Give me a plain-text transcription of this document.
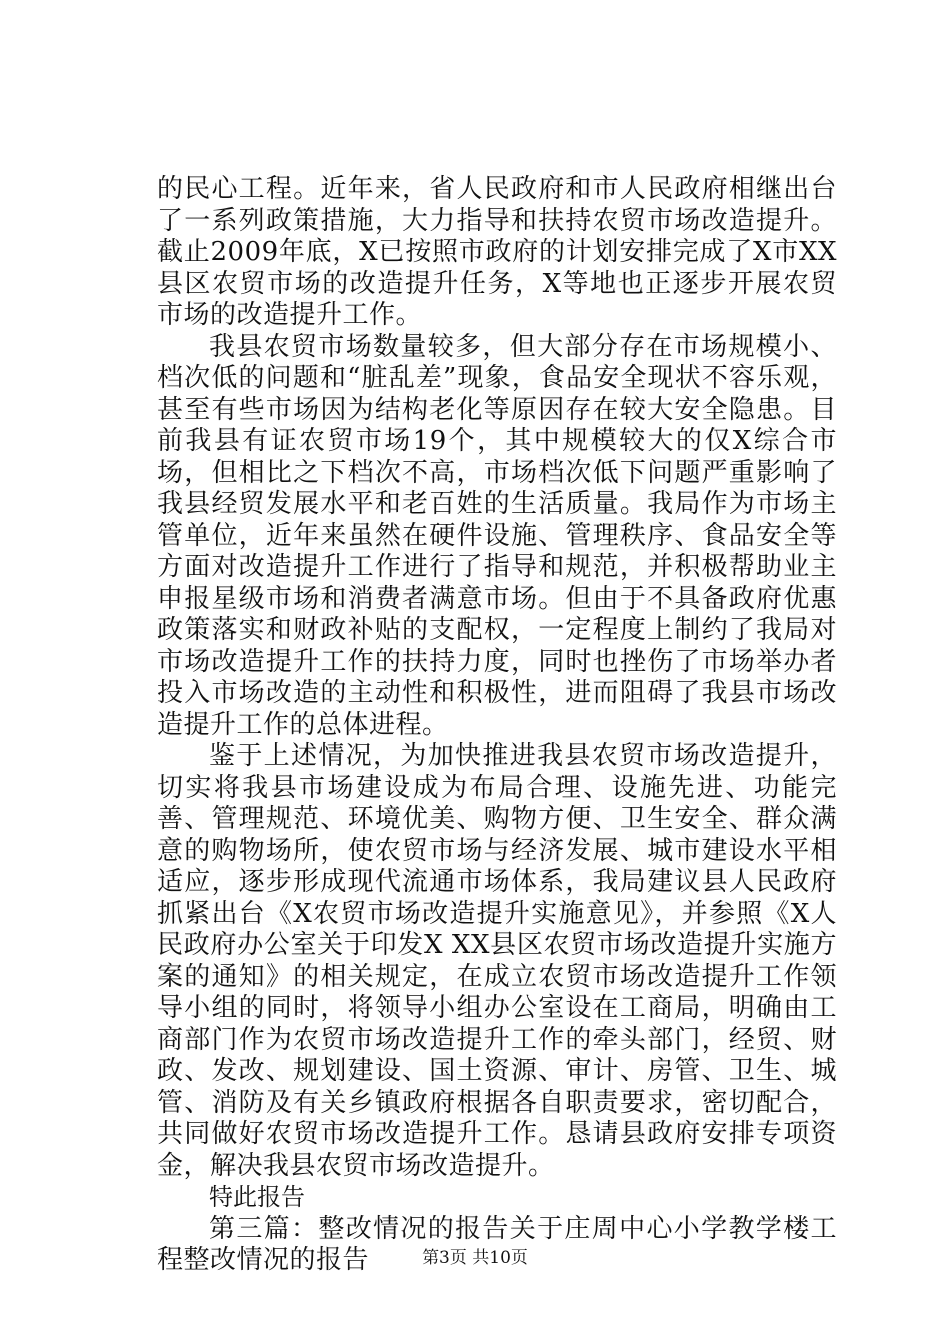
的民心工程。近年来，省人民政府和市人民政府相继出台了一系列政策措施，大力指导和扶持农贸市场改造提升。截止2009年底，X已按照市政府的计划安排完成了X市XX县区农贸市场的改造提升任务，X等地也正逐步开展农贸市场的改造提升工作。

我县农贸市场数量较多，但大部分存在市场规模小、档次低的问题和“脏乱差”现象，食品安全现状不容乐观，甚至有些市场因为结构老化等原因存在较大安全隐患。目前我县有证农贸市场19个，其中规模较大的仅X综合市场，但相比之下档次不高，市场档次低下问题严重影响了我县经贸发展水平和老百姓的生活质量。我局作为市场主管单位，近年来虽然在硬件设施、管理秩序、食品安全等方面对改造提升工作进行了指导和规范，并积极帮助业主申报星级市场和消费者满意市场。但由于不具备政府优惠政策落实和财政补贴的支配权，一定程度上制约了我局对市场改造提升工作的扶持力度，同时也挫伤了市场举办者投入市场改造的主动性和积极性，进而阻碍了我县市场改造提升工作的总体进程。

鉴于上述情况，为加快推进我县农贸市场改造提升，切实将我县市场建设成为布局合理、设施先进、功能完善、管理规范、环境优美、购物方便、卫生安全、群众满意的购物场所，使农贸市场与经济发展、城市建设水平相适应，逐步形成现代流通市场体系，我局建议县人民政府抓紧出台《X农贸市场改造提升实施意见》，并参照《X人民政府办公室关于印发X XX县区农贸市场改造提升实施方案的通知》的相关规定，在成立农贸市场改造提升工作领导小组的同时，将领导小组办公室设在工商局，明确由工商部门作为农贸市场改造提升工作的牵头部门，经贸、财政、发改、规划建设、国土资源、审计、房管、卫生、城管、消防及有关乡镇政府根据各自职责要求，密切配合，共同做好农贸市场改造提升工作。恳请县政府安排专项资金，解决我县农贸市场改造提升。

特此报告

第三篇：整改情况的报告关于庄周中心小学教学楼工程整改情况的报告	第3页 共10页
